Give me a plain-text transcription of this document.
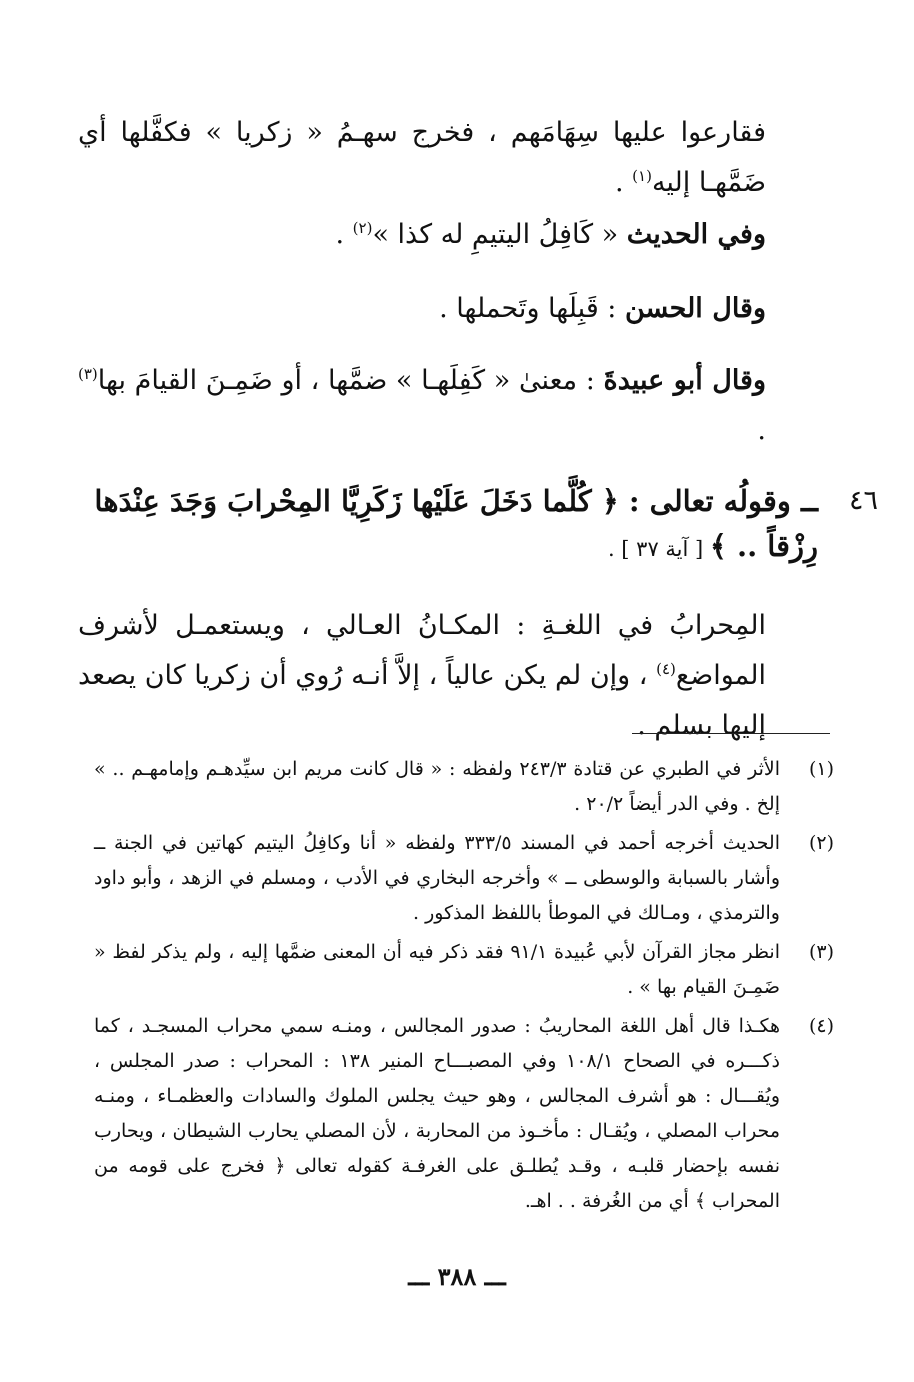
فقارعوا عليها سِهَامَهم ، فخرج سهـمُ « زكريا » فكفَّلها أي ضَمَّهـا إليه$^{(١)}$ .

وفي الحديث « كَافِلُ اليتيمِ له كذا »$^{(٢)}$ .

وقال الحسن : قَبِلَها وتَحملها .

وقال أبو عبيدةَ : معنىٰ « كَفِلَهـا » ضمَّها ، أو ضَمِـنَ القيامَ بها$^{(٣)}$ .

٤٦
ــ وقولُه تعالى : ﴿ كُلَّما دَخَلَ عَلَيْها زَكَرِيَّا المِحْرابَ وَجَدَ عِنْدَها
رِزْقاً .. ﴾ [ آية ٣٧ ] .

المِحرابُ في اللغـةِ : المكـانُ العـالي ، ويستعمـل لأشرف المواضع$^{(٤)}$ ، وإن لم يكن عالياً ، إلاَّ أنـه رُوي أن زكريا كان يصعد إليها بسلم .

(١)
الأثر في الطبري عن قتادة ٢٤٣/٣ ولفظه : « قال كانت مريم ابن سيِّدهـم وإمامهـم .. » إلخ . وفي الدر أيضاً ٢٠/٢ .

(٢)
الحديث أخرجه أحمد في المسند ٣٣٣/٥ ولفظه « أنا وكافِلُ اليتيم كهاتين في الجنة ــ وأشار بالسبابة والوسطى ــ » وأخرجه البخاري في الأدب ، ومسلم في الزهد ، وأبو داود والترمذي ، ومـالك في الموطأ باللفظ المذكور .

(٣)
انظر مجاز القرآن لأبي عُبيدة ٩١/١ فقد ذكر فيه أن المعنى ضمَّها إليه ، ولم يذكر لفظ « ضَمِـنَ القيام بها » .

(٤)
هكـذا قال أهل اللغة المحاريبُ : صدور المجالس ، ومنـه سمي محراب المسجـد ، كما ذكـــره في الصحاح ١٠٨/١ وفي المصبـــاح المنير ١٣٨ : المحراب : صدر المجلس ، ويُقـــال : هو أشرف المجالس ، وهو حيث يجلس الملوك والسادات والعظمـاء ، ومنـه محراب المصلي ، ويُقـال : مأخـوذ من المحاربة ، لأن المصلي يحارب الشيطان ، ويحارب نفسه بإحضار قلبـه ، وقـد يُطلـق على الغرفـة كقوله تعالى ﴿ فخرج على قومه من المحراب ﴾ أي من الغُرفة . . اهـ.

ـــ ٣٨٨ ـــ
